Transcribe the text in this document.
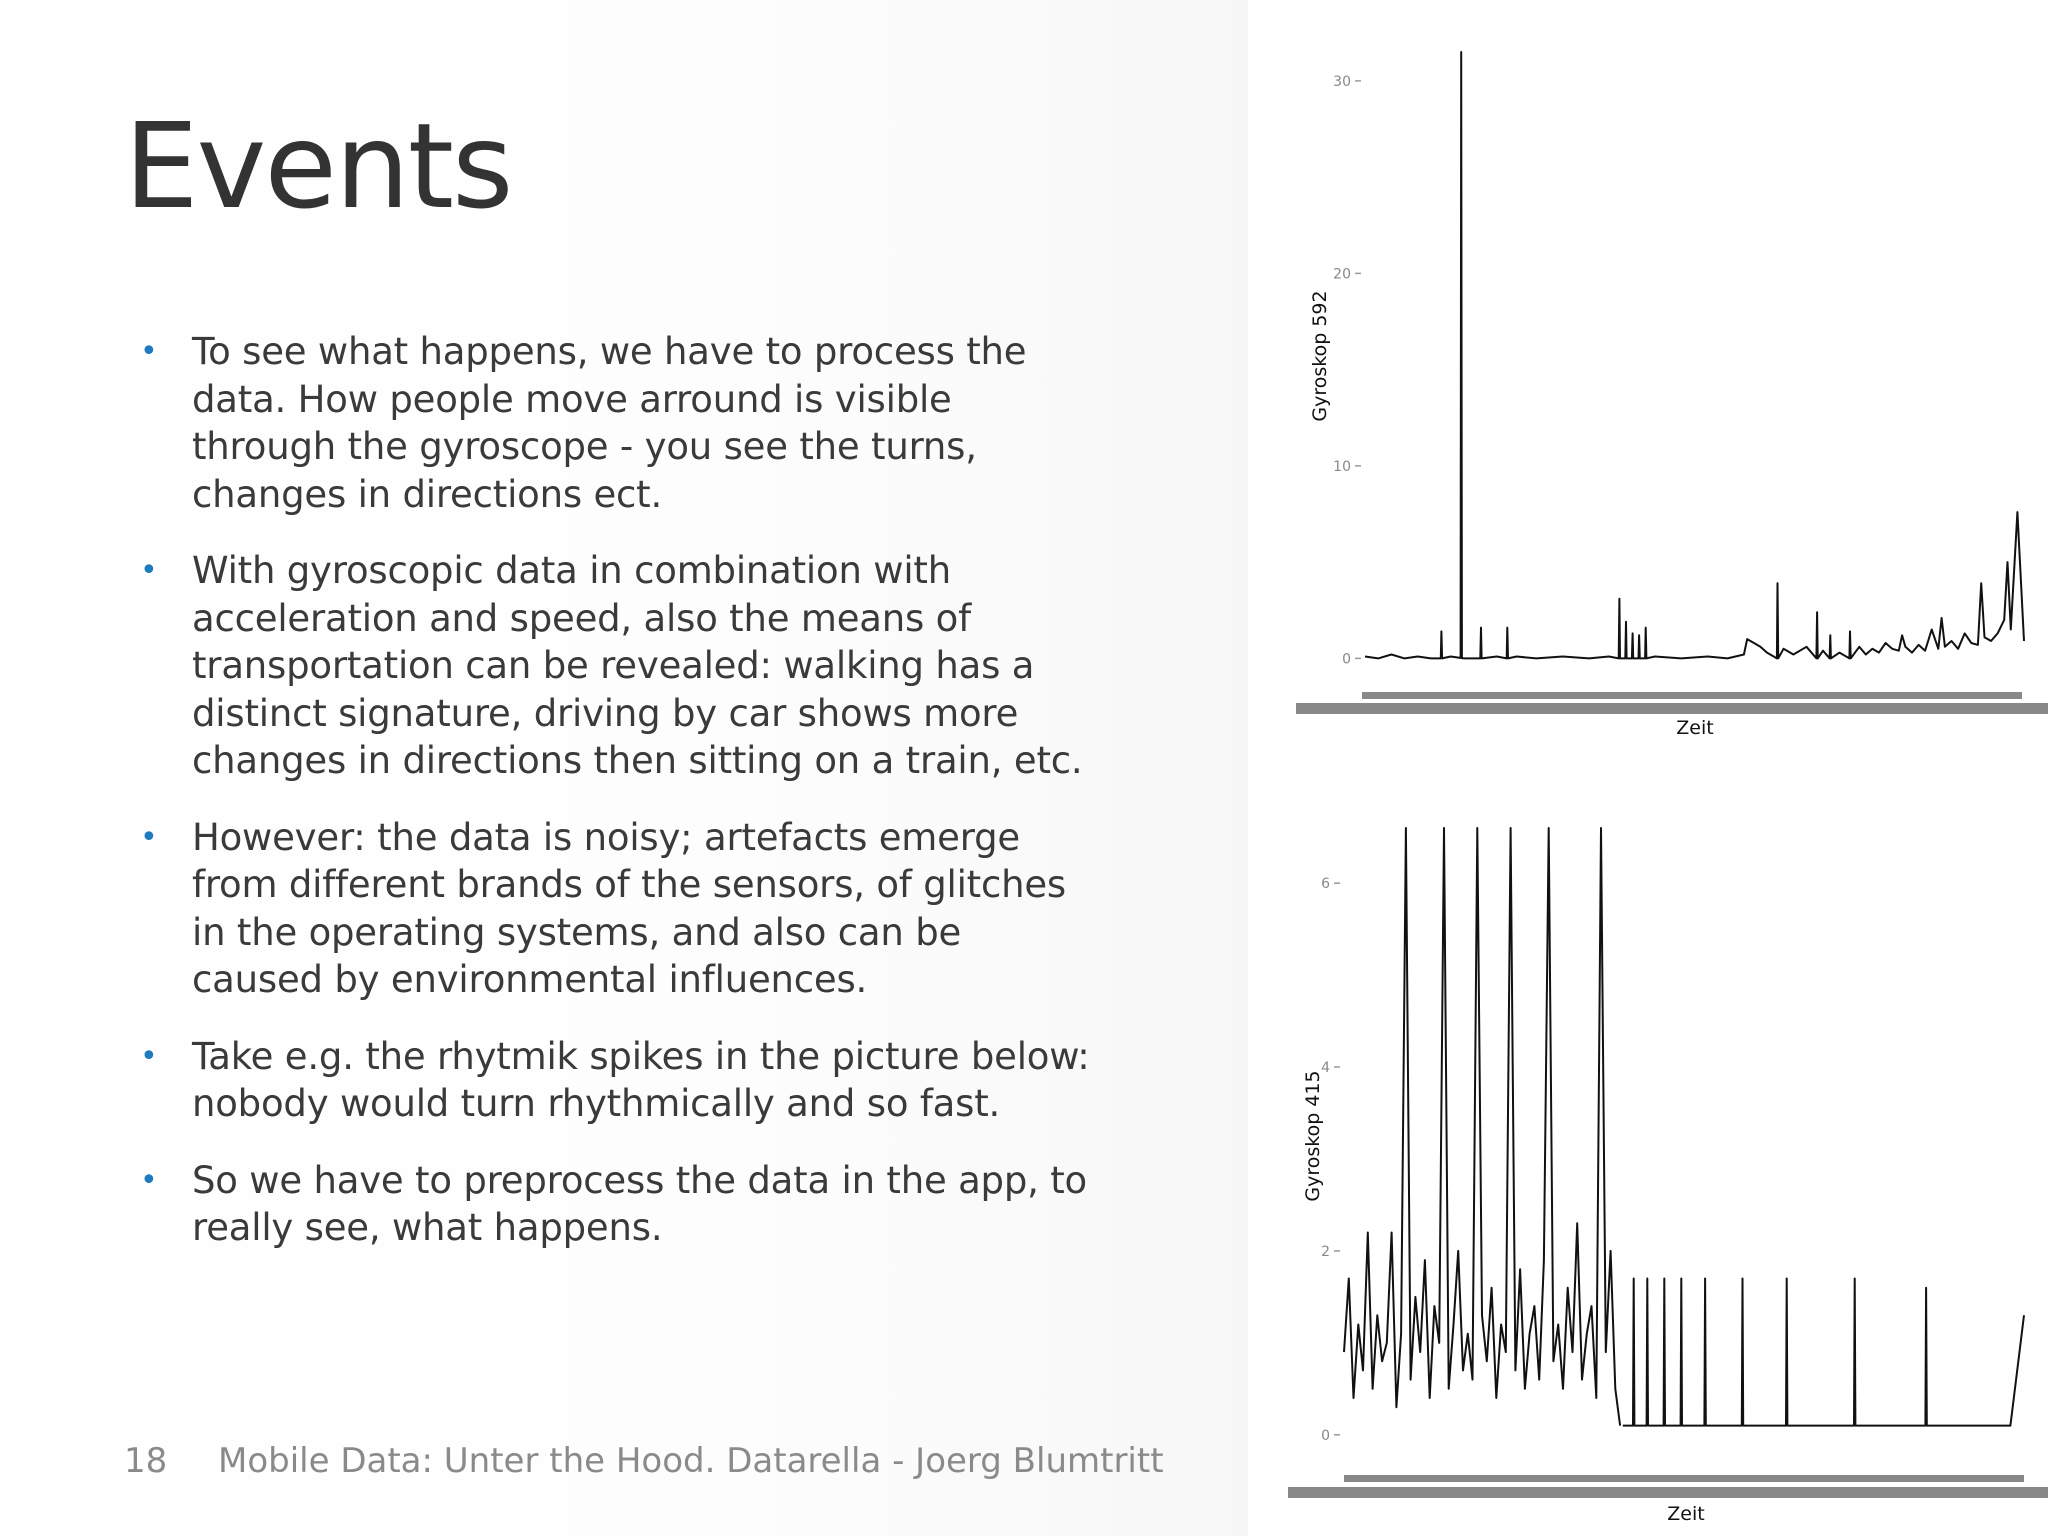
Events
• To see what happens, we have to process the data. How people move arround is visible through the gyroscope - you see the turns, changes in directions ect.
• With gyroscopic data in combination with acceleration and speed, also the means of transportation can be revealed: walking has a distinct signature, driving by car shows more changes in directions then sitting on a train, etc.
• However: the data is noisy; artefacts emerge from different brands of the sensors, of glitches in the operating systems, and also can be caused by environmental influences.
• Take e.g. the rhytmik spikes in the picture below: nobody would turn rhythmically and so fast.
• So we have to preprocess the data in the app, to really see, what happens.
18 Mobile Data: Unter the Hood. Datarella - Joerg Blumtritt
0
10
20
30
Zeit
Gyroskop 592
0
2
4
6
Zeit
Gyroskop 415
